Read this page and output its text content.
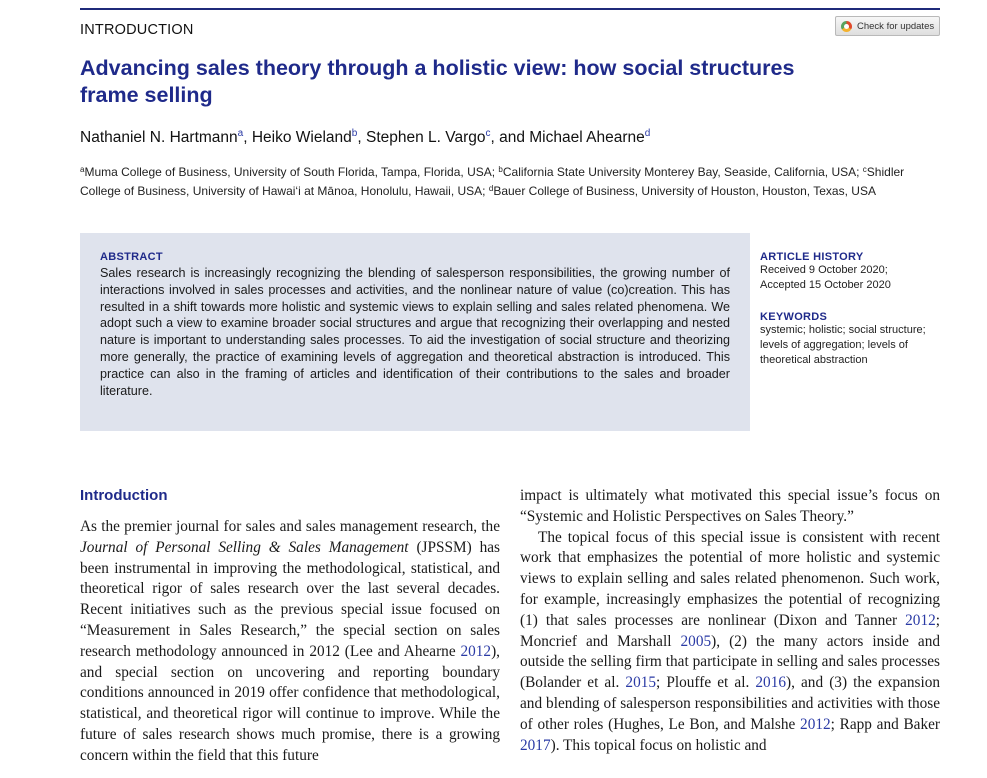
INTRODUCTION	Check for updates
Advancing sales theory through a holistic view: how social structures frame selling
Nathaniel N. Hartmann$^a$, Heiko Wieland$^b$, Stephen L. Vargo$^c$, and Michael Ahearne$^d$
$^a$Muma College of Business, University of South Florida, Tampa, Florida, USA; $^b$California State University Monterey Bay, Seaside, California, USA; $^c$Shidler College of Business, University of Hawai‘i at Mānoa, Honolulu, Hawaii, USA; $^d$Bauer College of Business, University of Houston, Houston, Texas, USA
ABSTRACT

Sales research is increasingly recognizing the blending of salesperson responsibilities, the growing number of interactions involved in sales processes and activities, and the nonlinear nature of value (co)creation. This has resulted in a shift towards more holistic and systemic views to explain selling and sales related phenomena. We adopt such a view to examine broader social structures and argue that recognizing their overlapping and nested nature is important to understanding sales processes. To aid the investigation of social structure and theorizing more generally, the practice of examining levels of aggregation and theoretical abstraction is introduced. This practice can also in the framing of articles and identification of their contributions to the sales and broader literature.

ARTICLE HISTORY
Received 9 October 2020;
Accepted 15 October 2020
KEYWORDS
systemic; holistic; social structure; levels of aggregation; levels of theoretical abstraction
Introduction

As the premier journal for sales and sales management research, the Journal of Personal Selling & Sales Management (JPSSM) has been instrumental in improving the methodological, statistical, and theoretical rigor of sales research over the last several decades. Recent initiatives such as the previous special issue focused on “Measurement in Sales Research,” the special section on sales research methodology announced in 2012 (Lee and Ahearne 2012), and special section on uncovering and reporting boundary conditions announced in 2019 offer confidence that methodological, statistical, and theoretical rigor will continue to improve. While the future of sales research shows much promise, there is a growing concern within the field that this future

impact is ultimately what motivated this special issue’s focus on “Systemic and Holistic Perspectives on Sales Theory.”

The topical focus of this special issue is consistent with recent work that emphasizes the potential of more holistic and systemic views to explain selling and sales related phenomenon. Such work, for example, increasingly emphasizes the potential of recognizing (1) that sales processes are nonlinear (Dixon and Tanner 2012; Moncrief and Marshall 2005), (2) the many actors inside and outside the selling firm that participate in selling and sales processes (Bolander et al. 2015; Plouffe et al. 2016), and (3) the expansion and blending of salesperson responsibilities and activities with those of other roles (Hughes, Le Bon, and Malshe 2012; Rapp and Baker 2017). This topical focus on holistic and
